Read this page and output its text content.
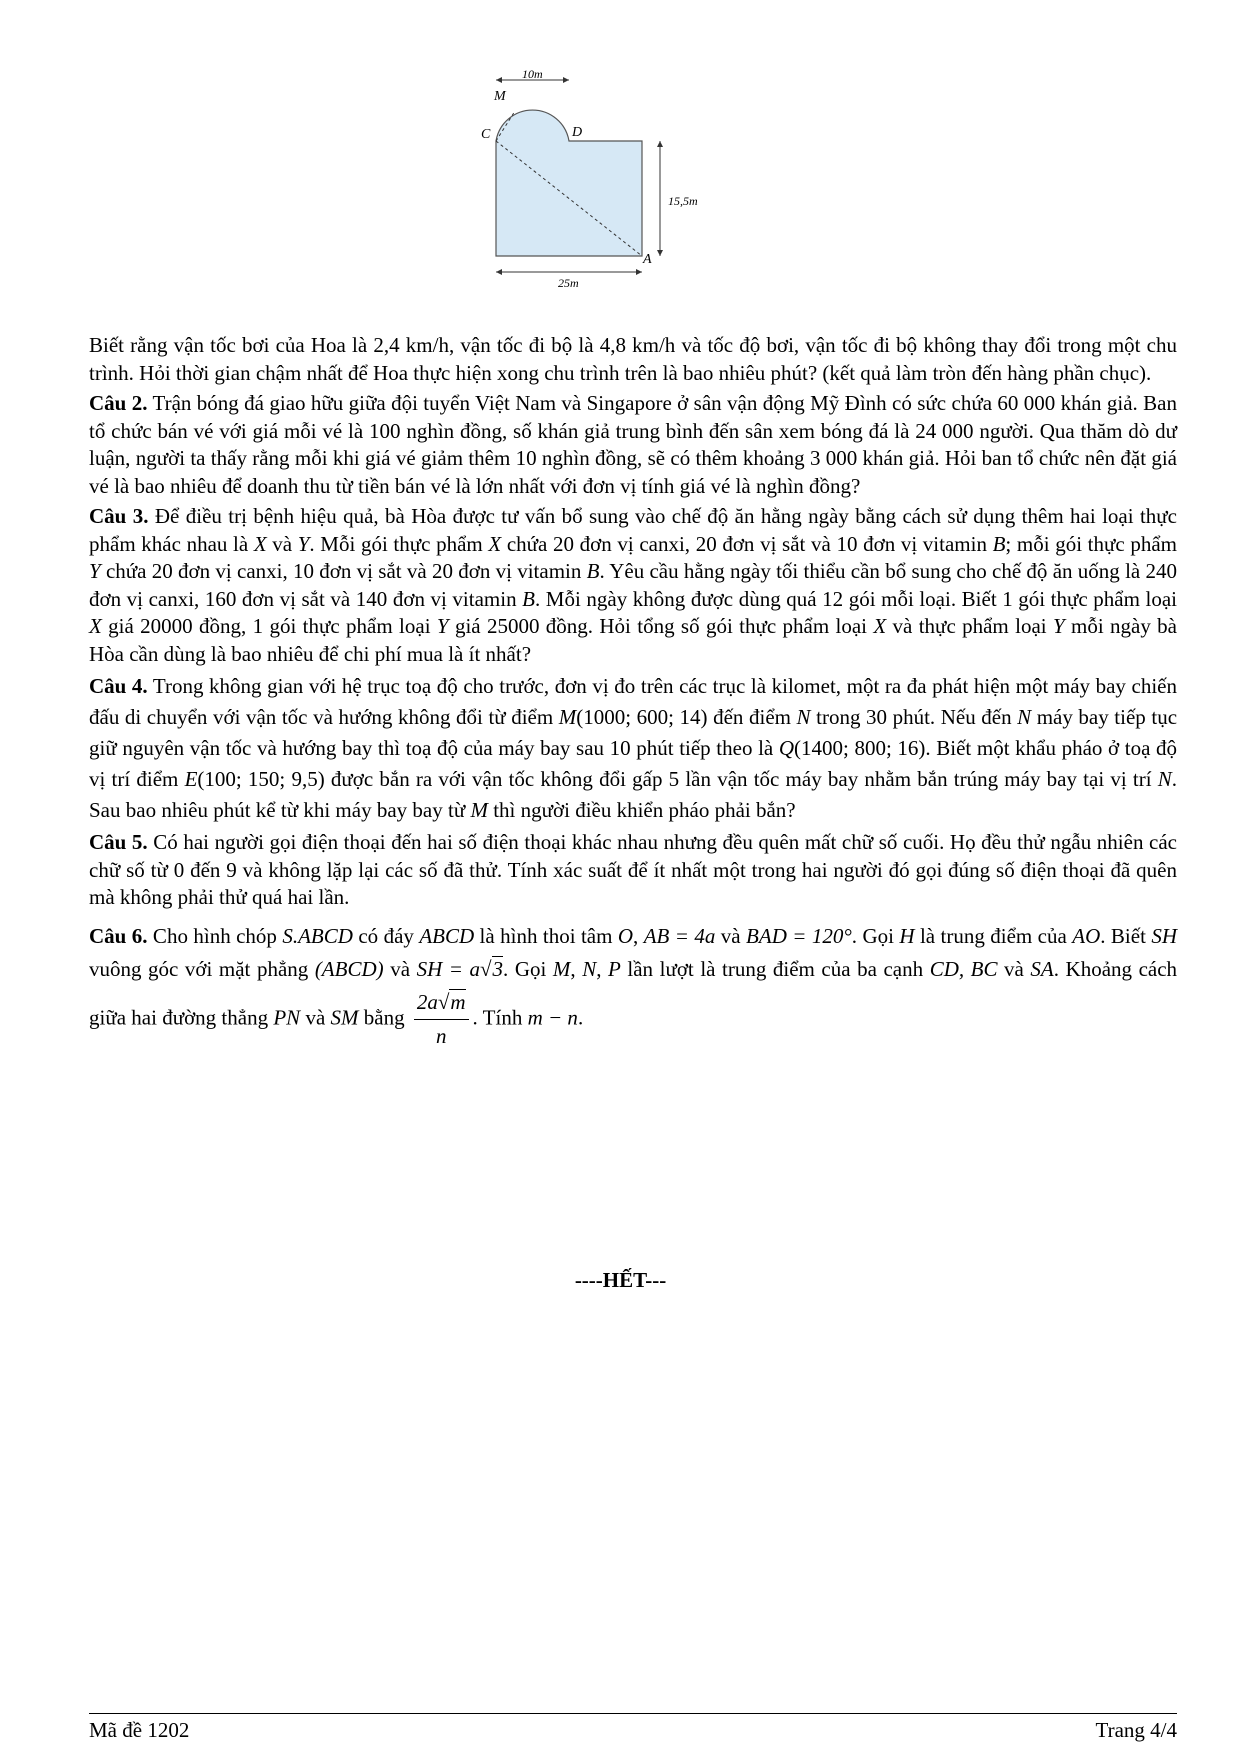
10m
15,5m
25m
M
C	D
A

Biết rằng vận tốc bơi của Hoa là 2,4 km/h, vận tốc đi bộ là 4,8 km/h và tốc độ bơi, vận tốc đi bộ không thay đổi trong một chu trình. Hỏi thời gian chậm nhất để Hoa thực hiện xong chu trình trên là bao nhiêu phút? (kết quả làm tròn đến hàng phần chục).

Câu 2. Trận bóng đá giao hữu giữa đội tuyển Việt Nam và Singapore ở sân vận động Mỹ Đình có sức chứa 60 000 khán giả. Ban tổ chức bán vé với giá mỗi vé là 100 nghìn đồng, số khán giả trung bình đến sân xem bóng đá là 24 000 người. Qua thăm dò dư luận, người ta thấy rằng mỗi khi giá vé giảm thêm 10 nghìn đồng, sẽ có thêm khoảng 3 000 khán giả. Hỏi ban tổ chức nên đặt giá vé là bao nhiêu để doanh thu từ tiền bán vé là lớn nhất với đơn vị tính giá vé là nghìn đồng?

Câu 3. Để điều trị bệnh hiệu quả, bà Hòa được tư vấn bổ sung vào chế độ ăn hằng ngày bằng cách sử dụng thêm hai loại thực phẩm khác nhau là X và Y. Mỗi gói thực phẩm X chứa 20 đơn vị canxi, 20 đơn vị sắt và 10 đơn vị vitamin B; mỗi gói thực phẩm Y chứa 20 đơn vị canxi, 10 đơn vị sắt và 20 đơn vị vitamin B. Yêu cầu hằng ngày tối thiểu cần bổ sung cho chế độ ăn uống là 240 đơn vị canxi, 160 đơn vị sắt và 140 đơn vị vitamin B. Mỗi ngày không được dùng quá 12 gói mỗi loại. Biết 1 gói thực phẩm loại X giá 20000 đồng, 1 gói thực phẩm loại Y giá 25000 đồng. Hỏi tổng số gói thực phẩm loại X và thực phẩm loại Y mỗi ngày bà Hòa cần dùng là bao nhiêu để chi phí mua là ít nhất?

Câu 4. Trong không gian với hệ trục toạ độ cho trước, đơn vị đo trên các trục là kilomet, một ra đa phát hiện một máy bay chiến đấu di chuyển với vận tốc và hướng không đổi từ điểm M(1000; 600; 14) đến điểm N trong 30 phút. Nếu đến N máy bay tiếp tục giữ nguyên vận tốc và hướng bay thì toạ độ của máy bay sau 10 phút tiếp theo là Q(1400; 800; 16). Biết một khẩu pháo ở toạ độ vị trí điểm E(100; 150; 9,5) được bắn ra với vận tốc không đổi gấp 5 lần vận tốc máy bay nhằm bắn trúng máy bay tại vị trí N. Sau bao nhiêu phút kể từ khi máy bay bay từ M thì người điều khiển pháo phải bắn?

Câu 5. Có hai người gọi điện thoại đến hai số điện thoại khác nhau nhưng đều quên mất chữ số cuối. Họ đều thử ngẫu nhiên các chữ số từ 0 đến 9 và không lặp lại các số đã thử. Tính xác suất để ít nhất một trong hai người đó gọi đúng số điện thoại đã quên mà không phải thử quá hai lần.

Câu 6. Cho hình chóp S.ABCD có đáy ABCD là hình thoi tâm O, AB = 4a và BAD = 120°. Gọi H là trung điểm của AO. Biết SH vuông góc với mặt phẳng (ABCD) và SH = a√3. Gọi M, N, P lần lượt là trung điểm của ba cạnh CD, BC và SA. Khoảng cách giữa hai đường thẳng PN và SM bằng $\frac{2a√m}{n}$ . Tính m − n.

----HẾT---
Mã đề 1202	Trang 4/4
